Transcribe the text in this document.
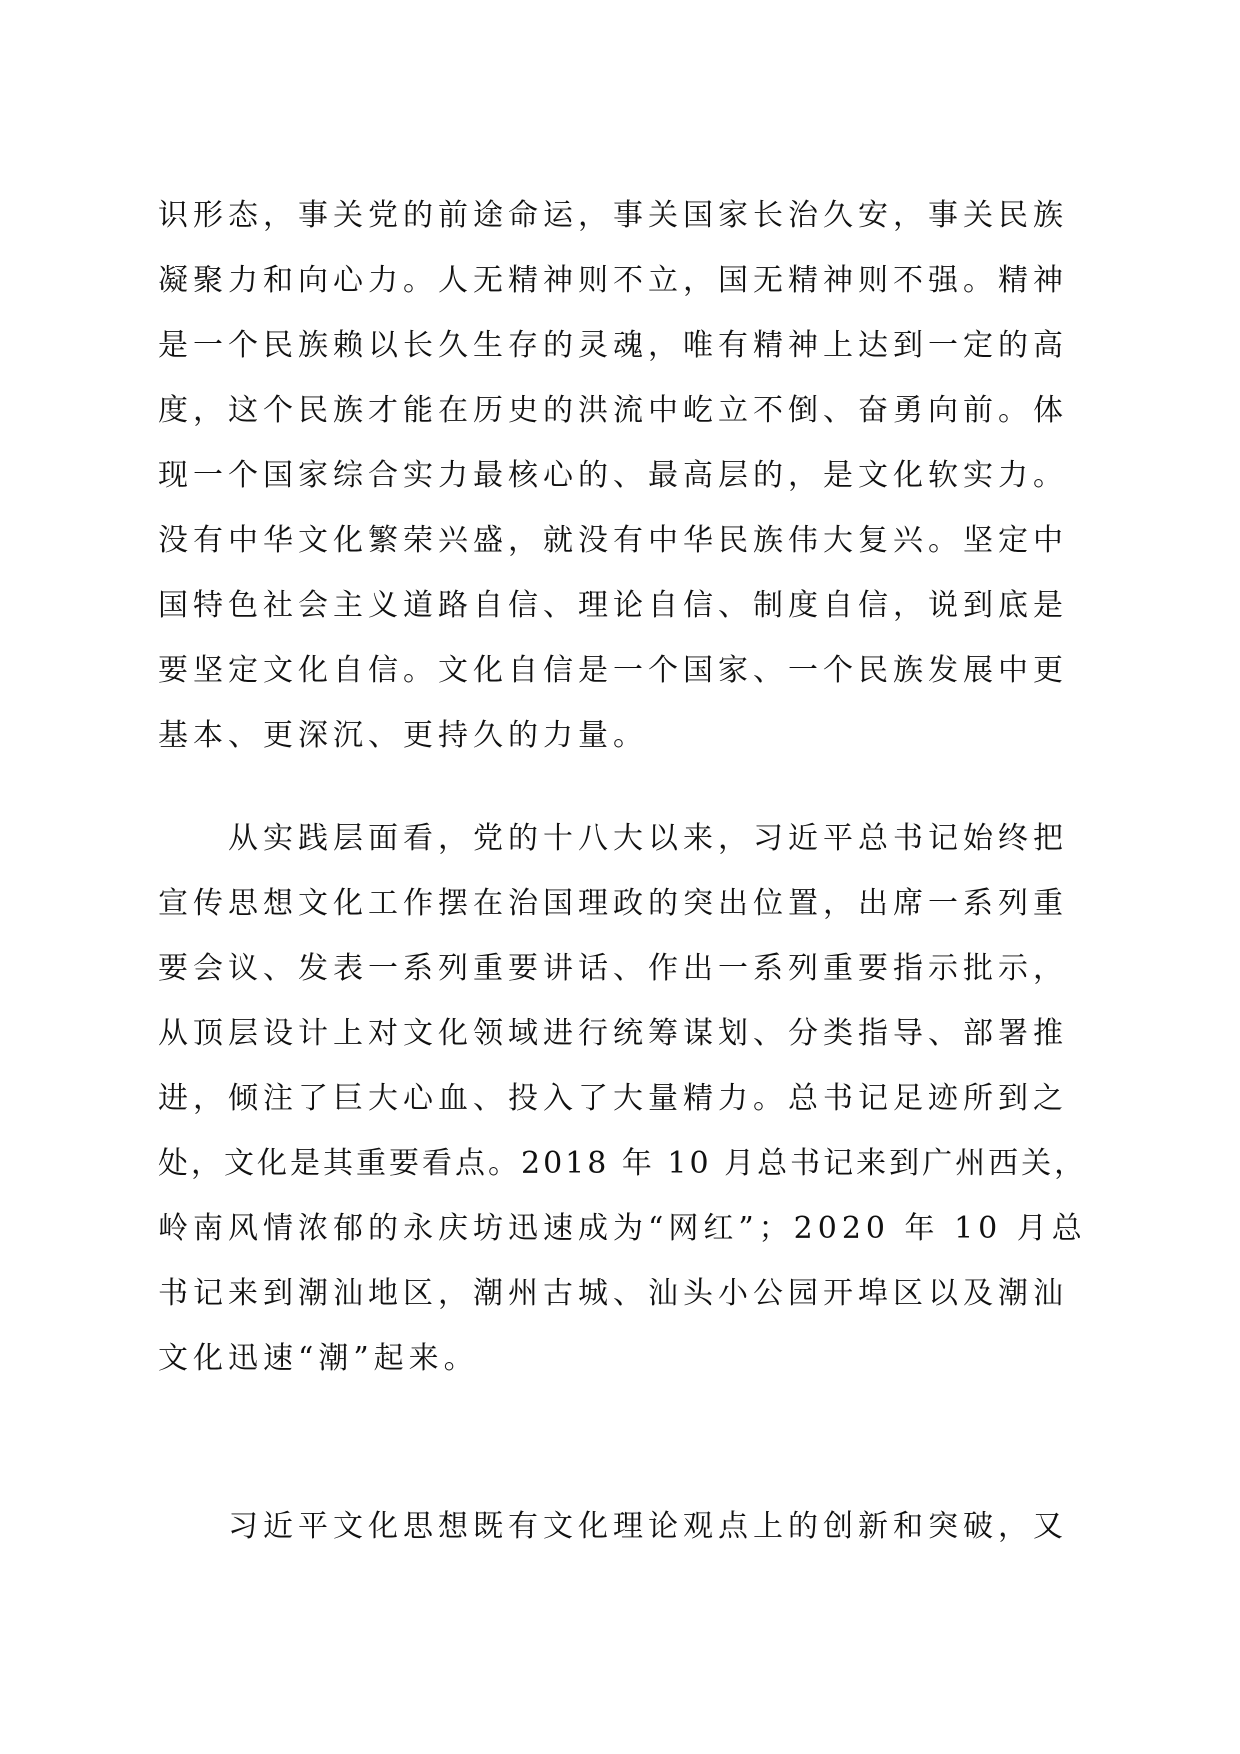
识形态，事关党的前途命运，事关国家长治久安，事关民族
凝聚力和向心力。人无精神则不立，国无精神则不强。精神
是一个民族赖以长久生存的灵魂，唯有精神上达到一定的高
度，这个民族才能在历史的洪流中屹立不倒、奋勇向前。体
现一个国家综合实力最核心的、最高层的，是文化软实力。
没有中华文化繁荣兴盛，就没有中华民族伟大复兴。坚定中
国特色社会主义道路自信、理论自信、制度自信，说到底是
要坚定文化自信。文化自信是一个国家、一个民族发展中更
基本、更深沉、更持久的力量。
从实践层面看，党的十八大以来，习近平总书记始终把
宣传思想文化工作摆在治国理政的突出位置，出席一系列重
要会议、发表一系列重要讲话、作出一系列重要指示批示，
从顶层设计上对文化领域进行统筹谋划、分类指导、部署推
进，倾注了巨大心血、投入了大量精力。总书记足迹所到之
处，文化是其重要看点。2018 年 10 月总书记来到广州西关，
岭南风情浓郁的永庆坊迅速成为“网红”；2020 年 10 月总
书记来到潮汕地区，潮州古城、汕头小公园开埠区以及潮汕
文化迅速“潮”起来。
习近平文化思想既有文化理论观点上的创新和突破，又
